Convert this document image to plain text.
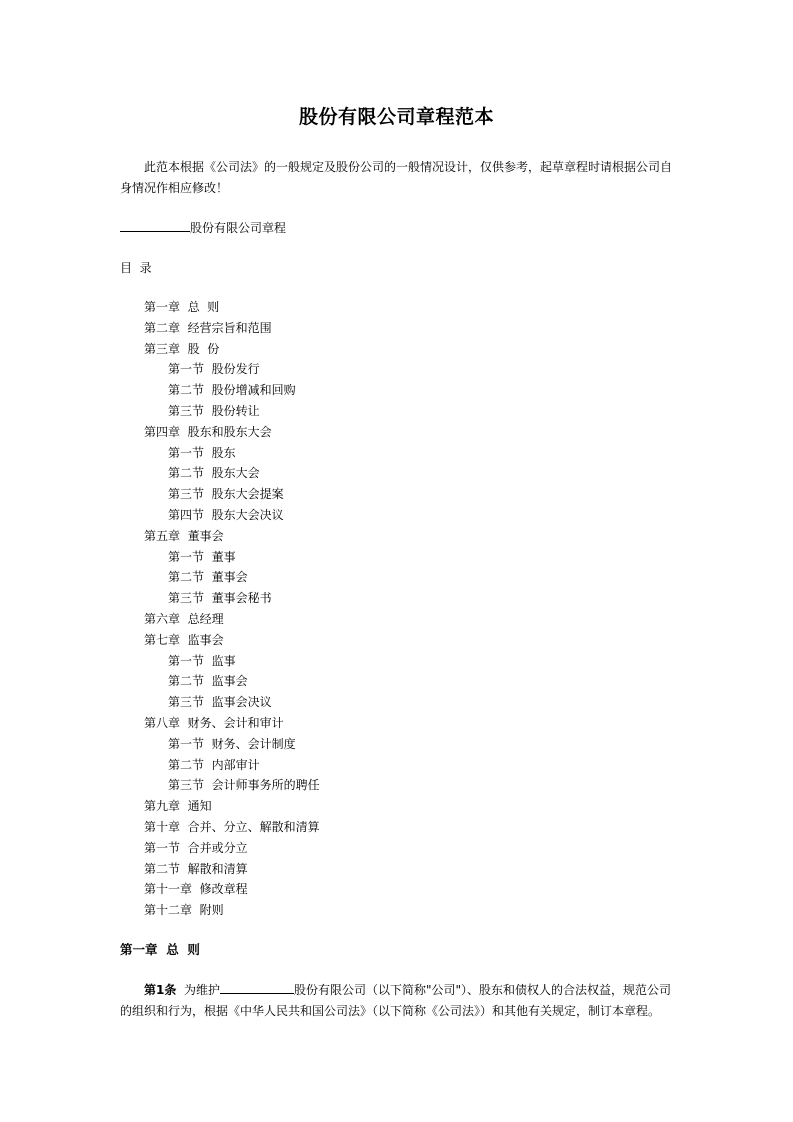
股份有限公司章程范本

此范本根据《公司法》的一般规定及股份公司的一般情况设计，仅供参考，起草章程时请根据公司自身情况作相应修改！

股份有限公司章程
目  录
第一章  总  则
第二章  经营宗旨和范围
第三章  股  份
第一节  股份发行
第二节  股份增减和回购
第三节  股份转让
第四章  股东和股东大会
第一节  股东
第二节  股东大会
第三节  股东大会提案
第四节  股东大会决议
第五章  董事会
第一节  董事
第二节  董事会
第三节  董事会秘书
第六章  总经理
第七章  监事会
第一节  监事
第二节  监事会
第三节  监事会决议
第八章  财务、会计和审计
第一节  财务、会计制度
第二节  内部审计
第三节  会计师事务所的聘任
第九章  通知
第十章  合并、分立、解散和清算
第一节  合并或分立
第二节  解散和清算
第十一章  修改章程
第十二章  附则
第一章  总  则

第1条  为维护	股份有限公司（以下简称"公司"）、股东和债权人的合法权益，规范公司的组织和行为，根据《中华人民共和国公司法》（以下简称《公司法》）和其他有关规定，制订本章程。
